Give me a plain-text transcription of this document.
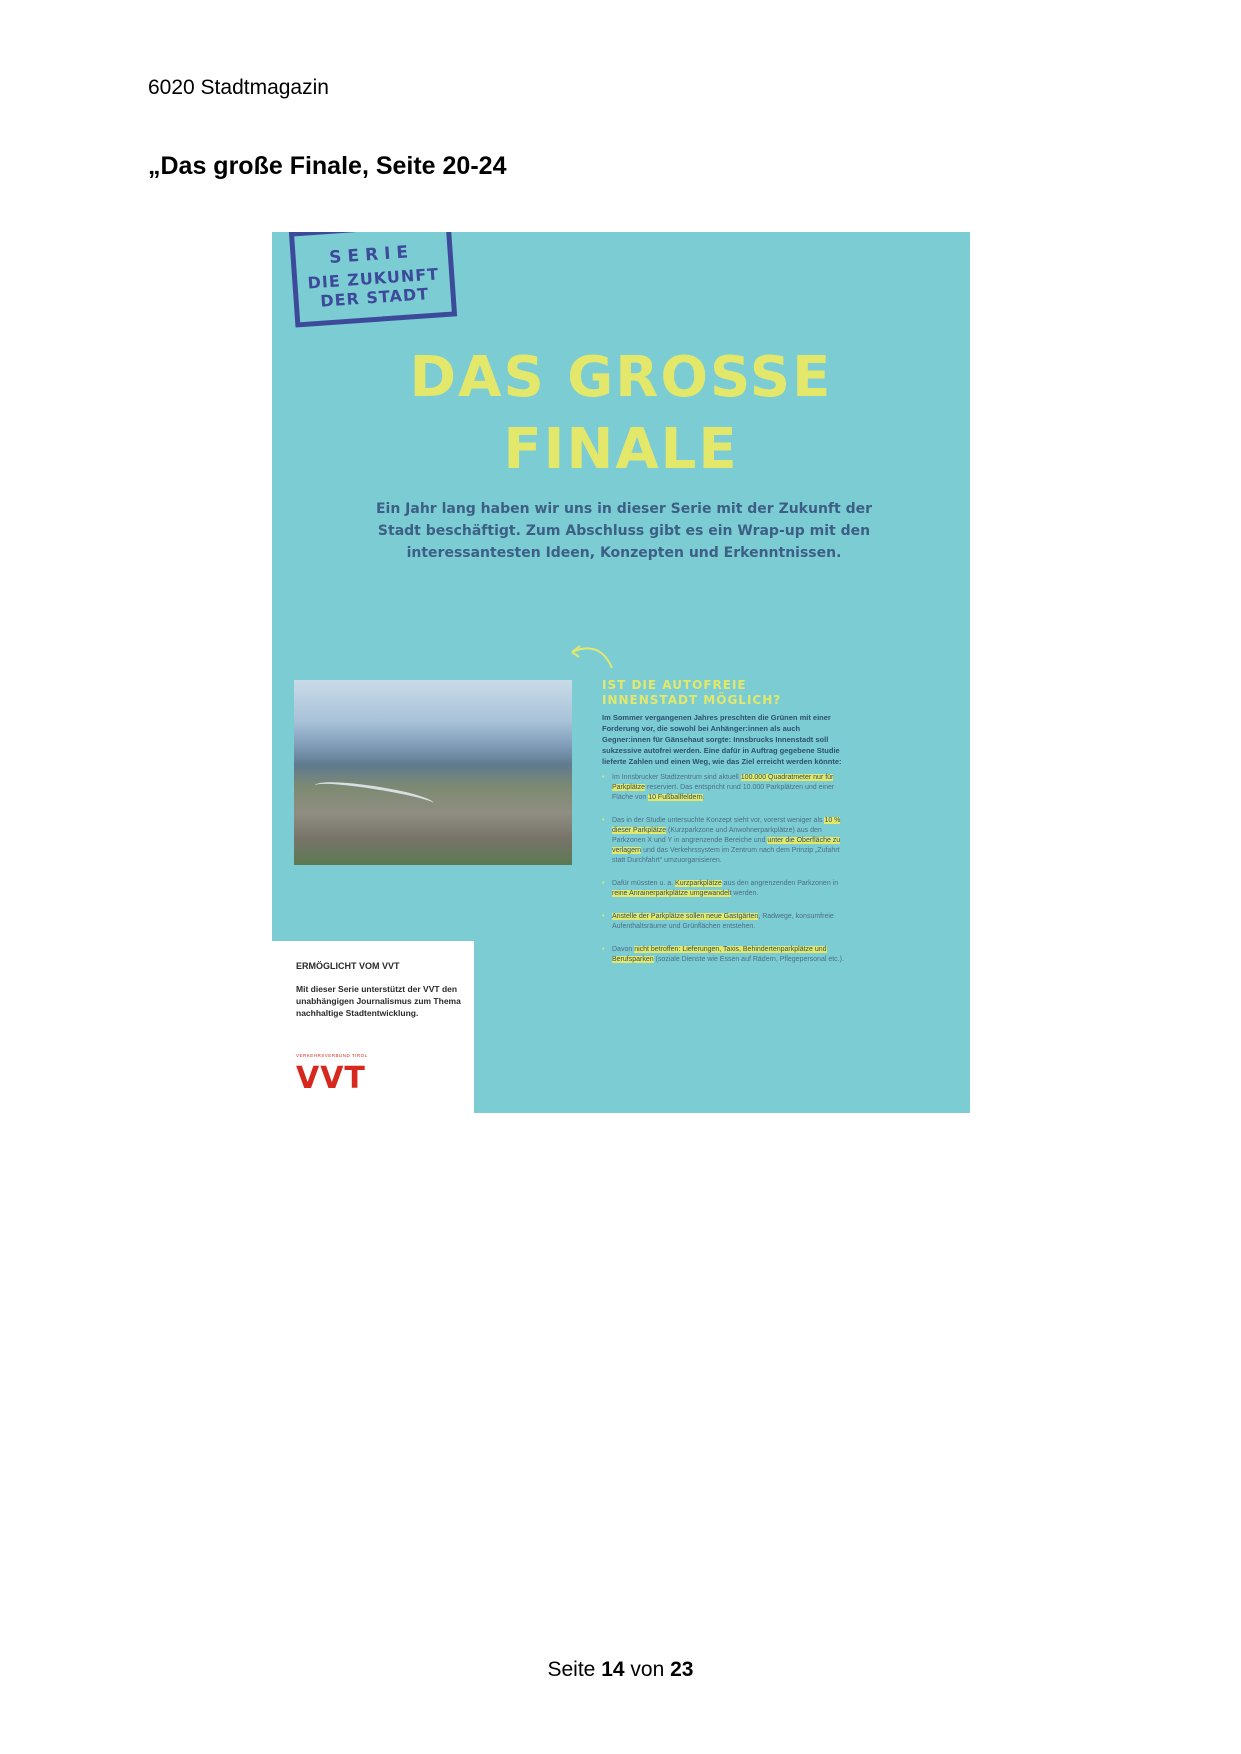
6020 Stadtmagazin
„Das große Finale, Seite 20-24
SERIE
DIE ZUKUNFT
DER STADT
DAS GROSSE
FINALE
Ein Jahr lang haben wir uns in dieser Serie mit der Zukunft der Stadt beschäftigt. Zum Abschluss gibt es ein Wrap-up mit den interessantesten Ideen, Konzepten und Erkenntnissen.
IST DIE AUTOFREIE
INNENSTADT MÖGLICH?
Im Sommer vergangenen Jahres preschten die Grünen mit einer Forderung vor, die sowohl bei Anhänger:innen als auch Gegner:innen für Gänsehaut sorgte: Innsbrucks Innenstadt soll sukzessive autofrei werden. Eine dafür in Auftrag gegebene Studie lieferte Zahlen und einen Weg, wie das Ziel erreicht werden könnte:
• Im Innsbrucker Stadtzentrum sind aktuell 100.000 Quadratmeter nur für Parkplätze reserviert. Das entspricht rund 10.000 Parkplätzen und einer Fläche von 10 Fußballfeldern.
• Das in der Studie untersuchte Konzept sieht vor, vorerst weniger als 10 % dieser Parkplätze (Kurzparkzone und Anwohnerparkplätze) aus den Parkzonen X und Y in angrenzende Bereiche und unter die Oberfläche zu verlagern und das Verkehrssystem im Zentrum nach dem Prinzip „Zufahrt statt Durchfahrt“ umzuorganisieren.
• Dafür müssten u. a. Kurzparkplätze aus den angrenzenden Parkzonen in reine Anrainerparkplätze umgewandelt werden.
• Anstelle der Parkplätze sollen neue Gastgärten, Radwege, konsumfreie Aufenthaltsräume und Grünflächen entstehen.
• Davon nicht betroffen: Lieferungen, Taxis, Behindertenparkplätze und Berufsparken (soziale Dienste wie Essen auf Rädern, Pflegepersonal etc.).
ERMÖGLICHT VOM VVT
Mit dieser Serie unterstützt der VVT den unabhängigen Journalismus zum Thema nachhaltige Stadtentwicklung.
VERKEHRSVERBUND TIROL
VVT
Seite 14 von 23
